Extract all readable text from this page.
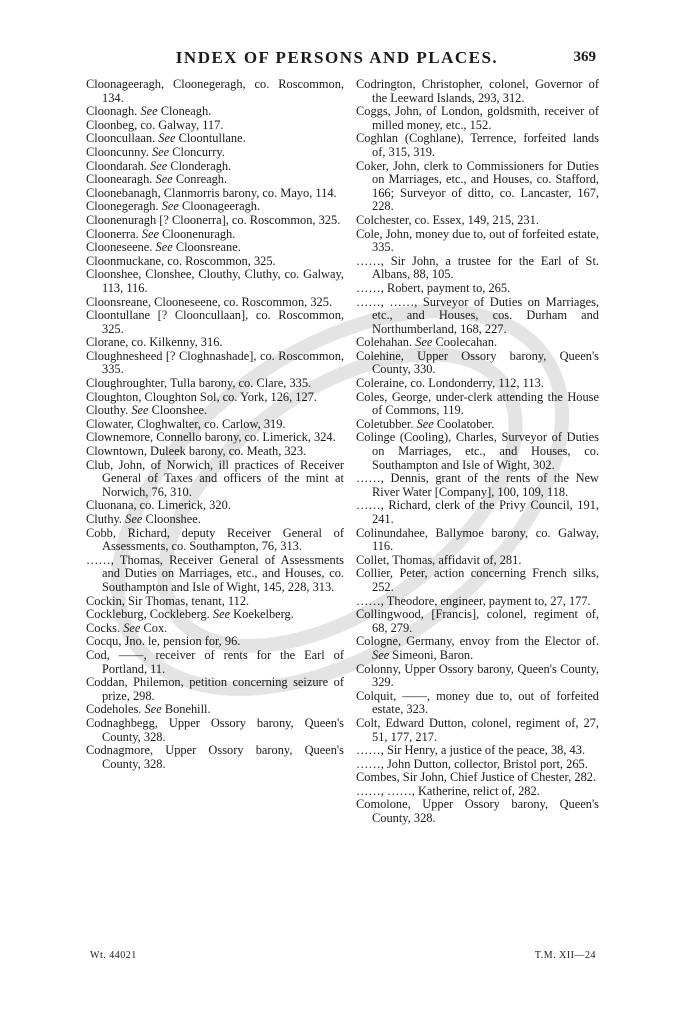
INDEX OF PERSONS AND PLACES.	369

Cloonageeragh, Cloonegeragh, co. Roscommon, 134.

Cloonagh. See Cloneagh.

Cloonbeg, co. Galway, 117.

Clooncullaan. See Cloontullane.

Clooncunny. See Cloncurry.

Cloondarah. See Clonderagh.

Cloonearagh. See Conreagh.

Cloonebanagh, Clanmorris barony, co. Mayo, 114.

Cloonegeragh. See Cloonageeragh.

Cloonenuragh [? Cloonerra], co. Roscommon, 325.

Cloonerra. See Cloonenuragh.

Clooneseene. See Cloonsreane.

Cloonmuckane, co. Roscommon, 325.

Cloonshee, Clonshee, Clouthy, Cluthy, co. Galway, 113, 116.

Cloonsreane, Clooneseene, co. Roscommon, 325.

Cloontullane [? Clooncullaan], co. Roscommon, 325.

Clorane, co. Kilkenny, 316.

Cloughnesheed [? Cloghnashade], co. Roscommon, 335.

Cloughroughter, Tulla barony, co. Clare, 335.

Cloughton, Cloughton Sol, co. York, 126, 127.

Clouthy. See Cloonshee.

Clowater, Cloghwalter, co. Carlow, 319.

Clownemore, Connello barony, co. Limerick, 324.

Clowntown, Duleek barony, co. Meath, 323.

Club, John, of Norwich, ill practices of Receiver General of Taxes and officers of the mint at Norwich, 76, 310.

Cluonana, co. Limerick, 320.

Cluthy. See Cloonshee.

Cobb, Richard, deputy Receiver General of Assessments, co. Southampton, 76, 313.

……, Thomas, Receiver General of Assessments and Duties on Marriages, etc., and Houses, co. Southampton and Isle of Wight, 145, 228, 313.

Cockin, Sir Thomas, tenant, 112.

Cockleburg, Cockleberg. See Koekelberg.

Cocks. See Cox.

Cocqu, Jno. le, pension for, 96.

Cod, ——, receiver of rents for the Earl of Portland, 11.

Coddan, Philemon, petition concerning seizure of prize, 298.

Codeholes. See Bonehill.

Codnaghbegg, Upper Ossory barony, Queen's County, 328.

Codnagmore, Upper Ossory barony, Queen's County, 328.

Codrington, Christopher, colonel, Governor of the Leeward Islands, 293, 312.

Coggs, John, of London, goldsmith, receiver of milled money, etc., 152.

Coghlan (Coghlane), Terrence, forfeited lands of, 315, 319.

Coker, John, clerk to Commissioners for Duties on Marriages, etc., and Houses, co. Stafford, 166; Surveyor of ditto, co. Lancaster, 167, 228.

Colchester, co. Essex, 149, 215, 231.

Cole, John, money due to, out of forfeited estate, 335.

……, Sir John, a trustee for the Earl of St. Albans, 88, 105.

……, Robert, payment to, 265.

……, ……, Surveyor of Duties on Marriages, etc., and Houses, cos. Durham and Northumberland, 168, 227.

Colehahan. See Coolecahan.

Colehine, Upper Ossory barony, Queen's County, 330.

Coleraine, co. Londonderry, 112, 113.

Coles, George, under-clerk attending the House of Commons, 119.

Coletubber. See Coolatober.

Colinge (Cooling), Charles, Surveyor of Duties on Marriages, etc., and Houses, co. Southampton and Isle of Wight, 302.

……, Dennis, grant of the rents of the New River Water [Company], 100, 109, 118.

……, Richard, clerk of the Privy Council, 191, 241.

Colinundahee, Ballymoe barony, co. Galway, 116.

Collet, Thomas, affidavit of, 281.

Collier, Peter, action concerning French silks, 252.

……, Theodore, engineer, payment to, 27, 177.

Collingwood, [Francis], colonel, regiment of, 68, 279.

Cologne, Germany, envoy from the Elector of. See Simeoni, Baron.

Colonny, Upper Ossory barony, Queen's County, 329.

Colquit, ——, money due to, out of forfeited estate, 323.

Colt, Edward Dutton, colonel, regiment of, 27, 51, 177, 217.

……, Sir Henry, a justice of the peace, 38, 43.

……, John Dutton, collector, Bristol port, 265.

Combes, Sir John, Chief Justice of Chester, 282.

……, ……, Katherine, relict of, 282.

Comolone, Upper Ossory barony, Queen's County, 328.

Wt. 44021	T.M. XII—24
